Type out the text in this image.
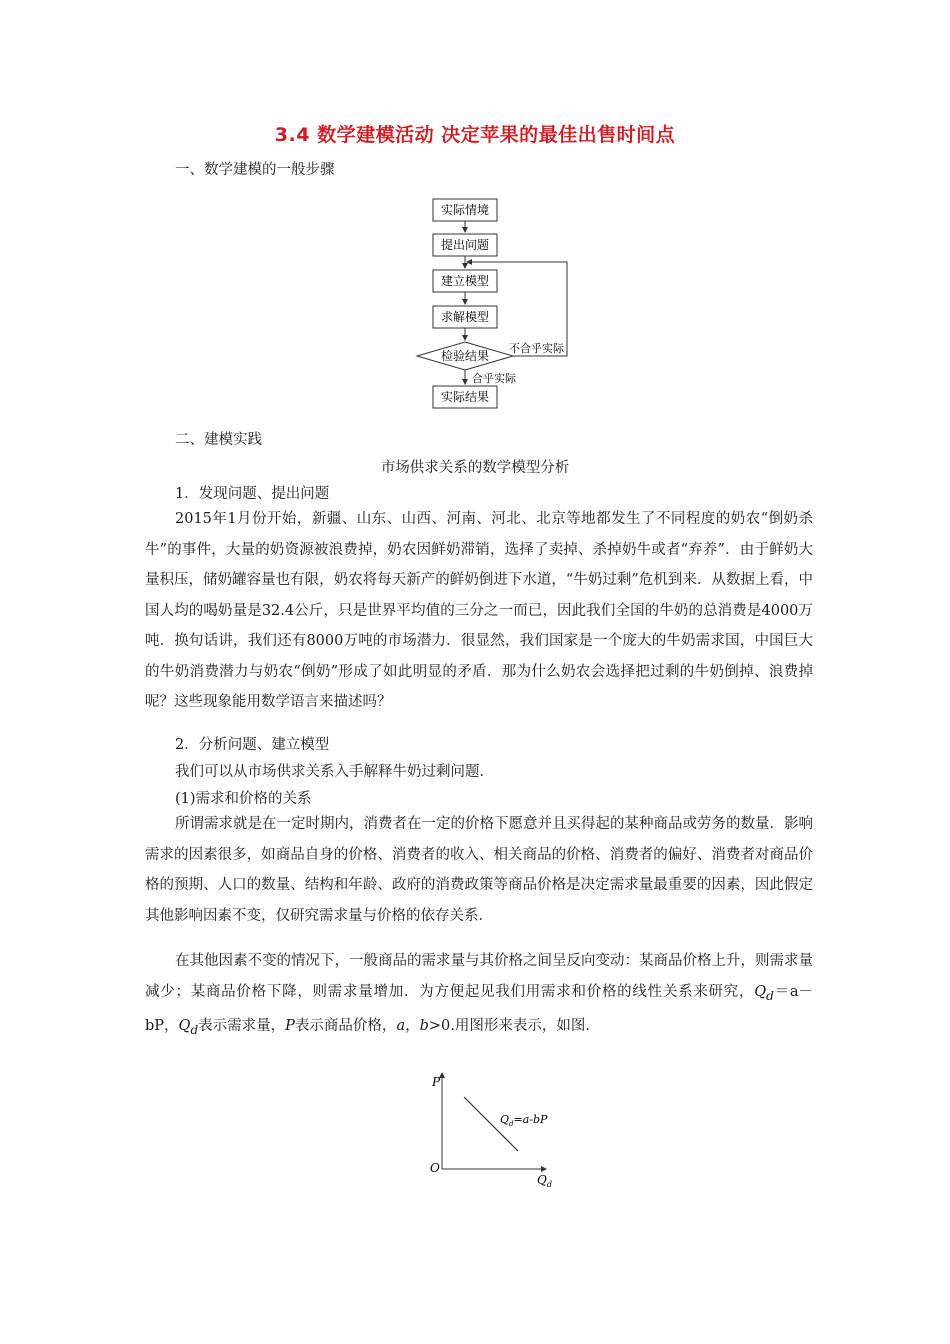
3.4 数学建模活动 决定苹果的最佳出售时间点
一、数学建模的一般步骤
实际情境
提出问题
建立模型
求解模型
检验结果
不合乎实际
合乎实际
实际结果
二、建模实践
市场供求关系的数学模型分析
1．发现问题、提出问题
2015年1月份开始，新疆、山东、山西、河南、河北、北京等地都发生了不同程度的奶农“倒奶杀牛”的事件，大量的奶资源被浪费掉，奶农因鲜奶滞销，选择了卖掉、杀掉奶牛或者“弃养”．由于鲜奶大量积压，储奶罐容量也有限，奶农将每天新产的鲜奶倒进下水道，“牛奶过剩”危机到来．从数据上看，中国人均的喝奶量是32.4公斤，只是世界平均值的三分之一而已，因此我们全国的牛奶的总消费是4000万吨．换句话讲，我们还有8000万吨的市场潜力．很显然，我们国家是一个庞大的牛奶需求国，中国巨大的牛奶消费潜力与奶农“倒奶”形成了如此明显的矛盾．那为什么奶农会选择把过剩的牛奶倒掉、浪费掉呢？这些现象能用数学语言来描述吗？
2．分析问题、建立模型
我们可以从市场供求关系入手解释牛奶过剩问题．
(1)需求和价格的关系
所谓需求就是在一定时期内，消费者在一定的价格下愿意并且买得起的某种商品或劳务的数量．影响需求的因素很多，如商品自身的价格、消费者的收入、相关商品的价格、消费者的偏好、消费者对商品价格的预期、人口的数量、结构和年龄、政府的消费政策等商品价格是决定需求量最重要的因素，因此假定其他影响因素不变，仅研究需求量与价格的依存关系．
在其他因素不变的情况下，一般商品的需求量与其价格之间呈反向变动：某商品价格上升，则需求量减少；某商品价格下降，则需求量增加．为方便起见我们用需求和价格的线性关系来研究，$Q_d=a-bP$，$Q_d$表示需求量，P表示商品价格，a，b>0.用图形来表示，如图．
P
O
$Q_d$
$Q_d=a-bP$
